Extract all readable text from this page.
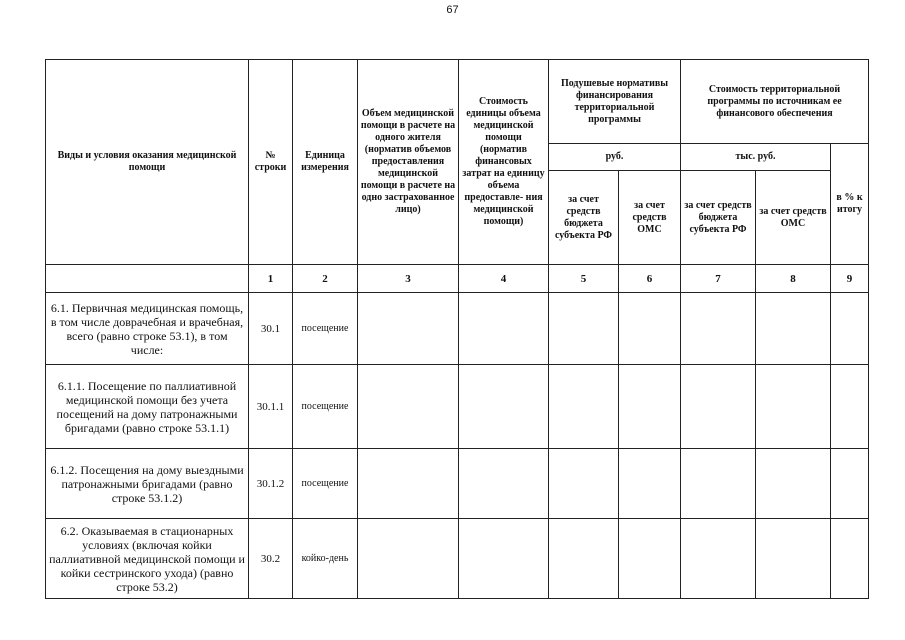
67
Виды и условия оказания медицинской помощи	№ строки	Единица измерения	Объем медицинской помощи в расчете на одного жителя (норматив объемов предоставления медицинской помощи в расчете на одно застрахованное лицо)	Стоимость единицы объема медицинской помощи (норматив финансовых затрат на единицу объема предоставле- ния медицинской помощи)	Подушевые нормативы финансирования территориальной программы		Стоимость территориальной программы по источникам ее финансового обеспечения		
					руб.		тыс. руб.		в % к итогу
					за счет средств бюджета субъекта РФ	за счет средств ОМС	за счет средств бюджета субъекта РФ	за счет средств ОМС	
	1	2	3	4	5	6	7	8	9
6.1. Первичная медицинская помощь, в том числе доврачебная и врачебная, всего (равно строке 53.1), в том числе:	30.1	посещение							
6.1.1. Посещение по паллиативной медицинской помощи без учета посещений на дому патронажными бригадами (равно строке 53.1.1)	30.1.1	посещение							
6.1.2. Посещения на дому выездными патронажными бригадами (равно строке 53.1.2)	30.1.2	посещение							
6.2. Оказываемая в стационарных условиях (включая койки паллиативной медицинской помощи и койки сестринского ухода) (равно строке 53.2)	30.2	койко-день							
